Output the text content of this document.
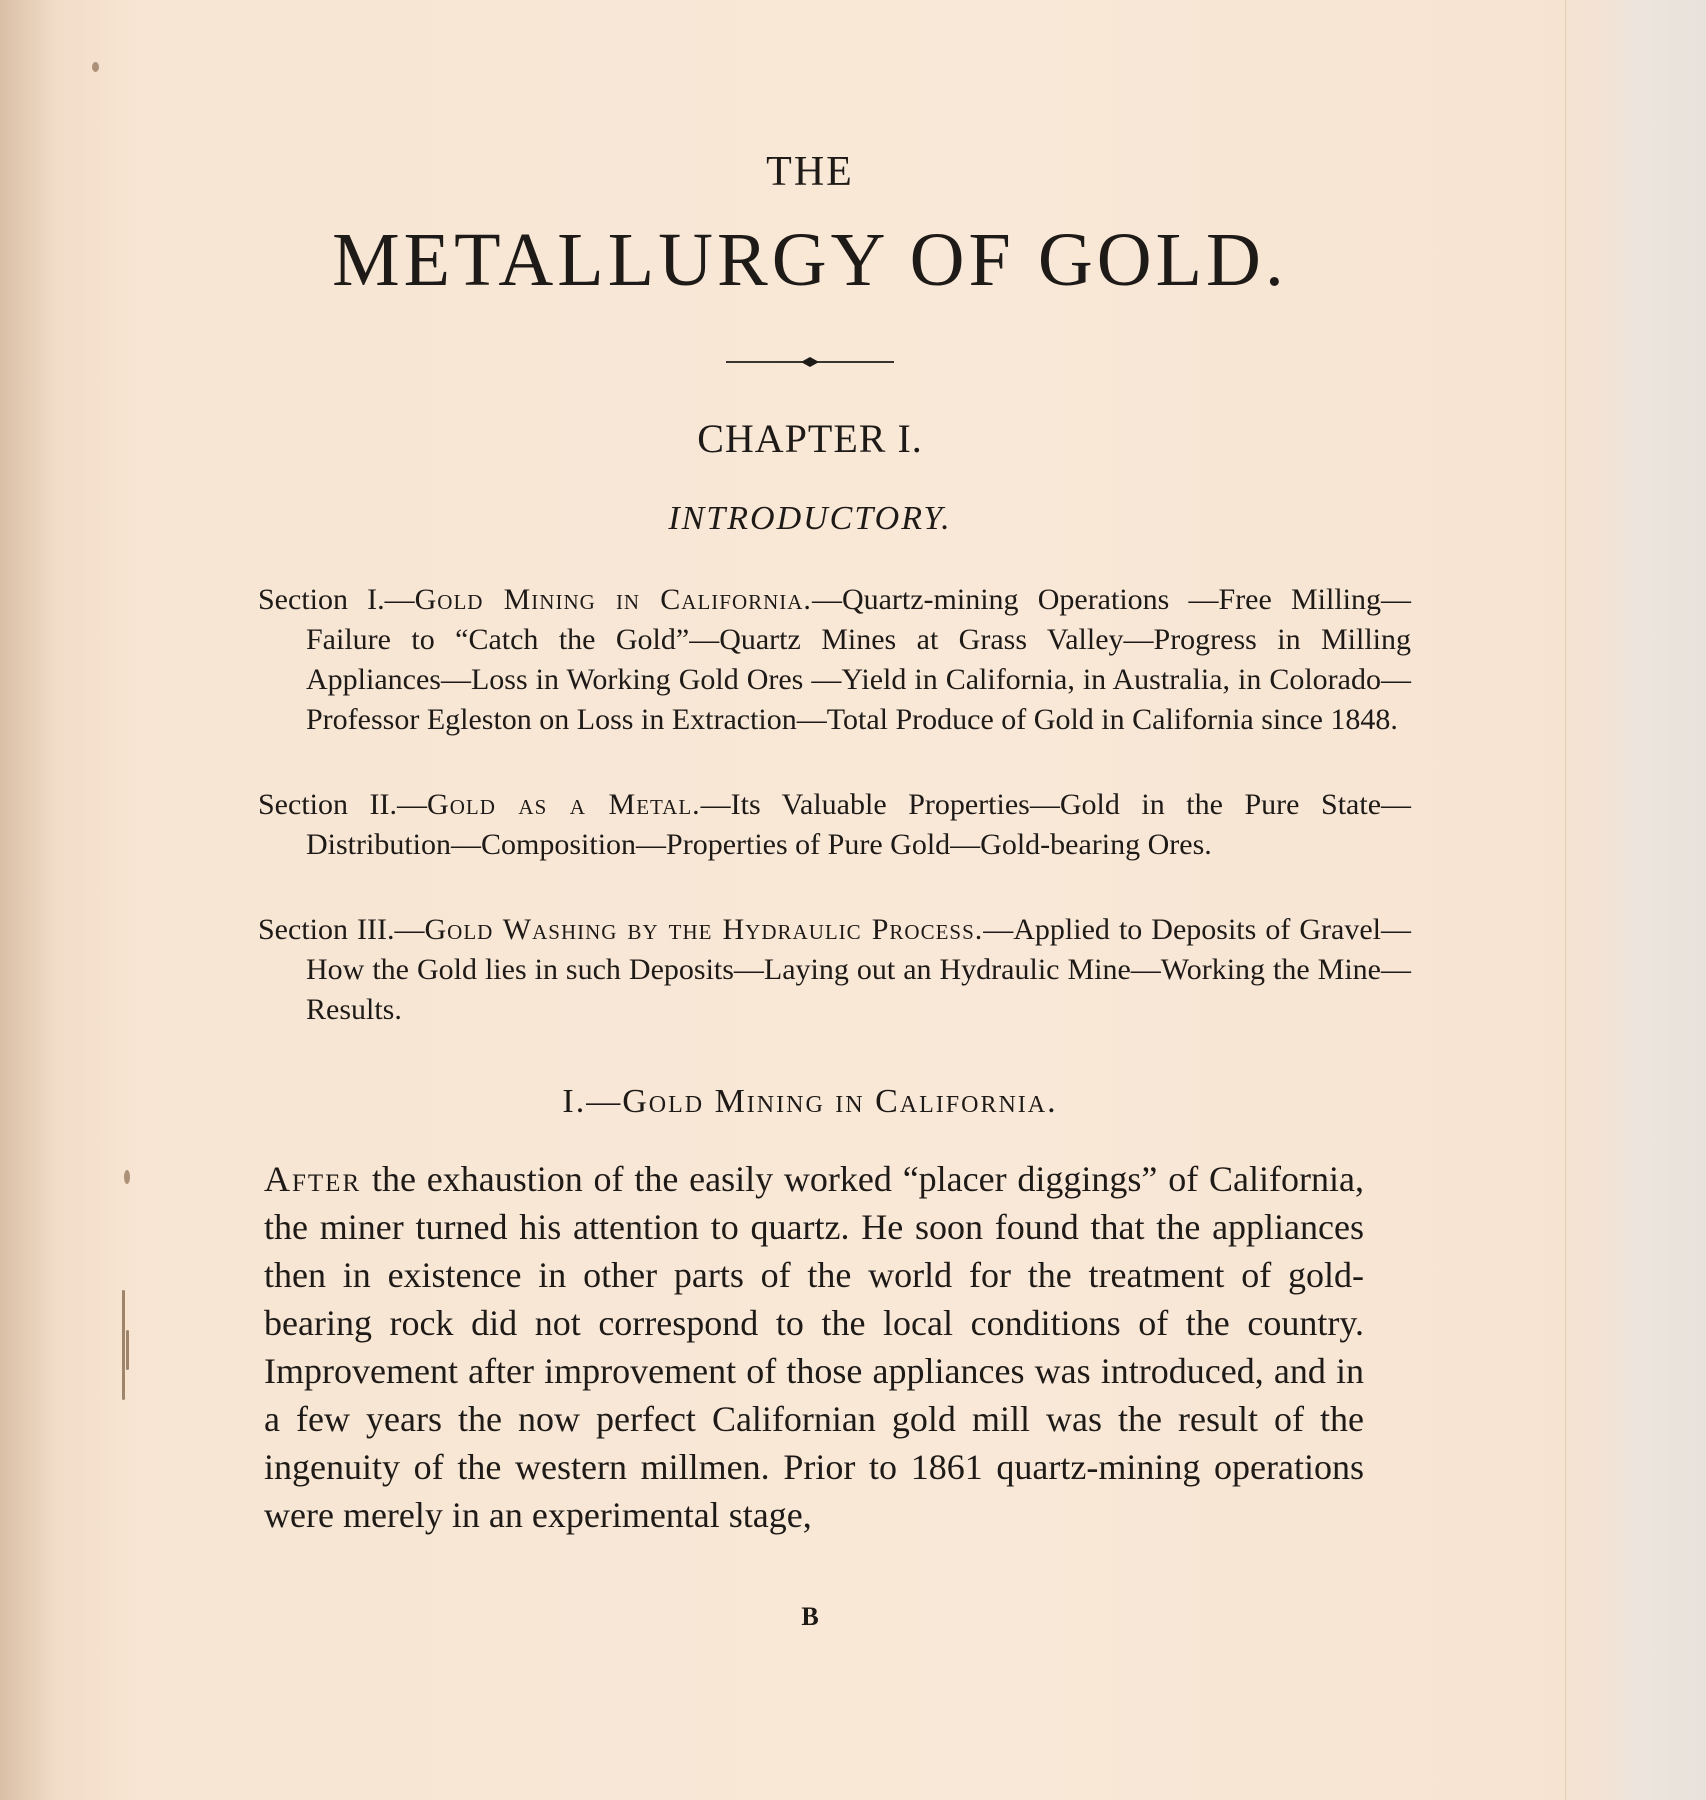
THE
METALLURGY OF GOLD.
CHAPTER I.
INTRODUCTORY.
Section I.—Gold Mining in California.—Quartz-mining Operations —Free Milling—Failure to “Catch the Gold”—Quartz Mines at Grass Valley—Progress in Milling Appliances—Loss in Working Gold Ores —Yield in California, in Australia, in Colorado—Professor Egleston on Loss in Extraction—Total Produce of Gold in California since 1848.
Section II.—Gold as a Metal.—Its Valuable Properties—Gold in the Pure State—Distribution—Composition—Properties of Pure Gold—Gold-bearing Ores.
Section III.—Gold Washing by the Hydraulic Process.—Applied to Deposits of Gravel—How the Gold lies in such Deposits—Laying out an Hydraulic Mine—Working the Mine—Results.
I.—Gold Mining in California.
After the exhaustion of the easily worked “placer diggings” of California, the miner turned his attention to quartz. He soon found that the appliances then in existence in other parts of the world for the treatment of gold-bearing rock did not correspond to the local conditions of the country. Improvement after improvement of those appliances was introduced, and in a few years the now perfect Californian gold mill was the result of the ingenuity of the western millmen. Prior to 1861 quartz-mining operations were merely in an experimental stage,
B
